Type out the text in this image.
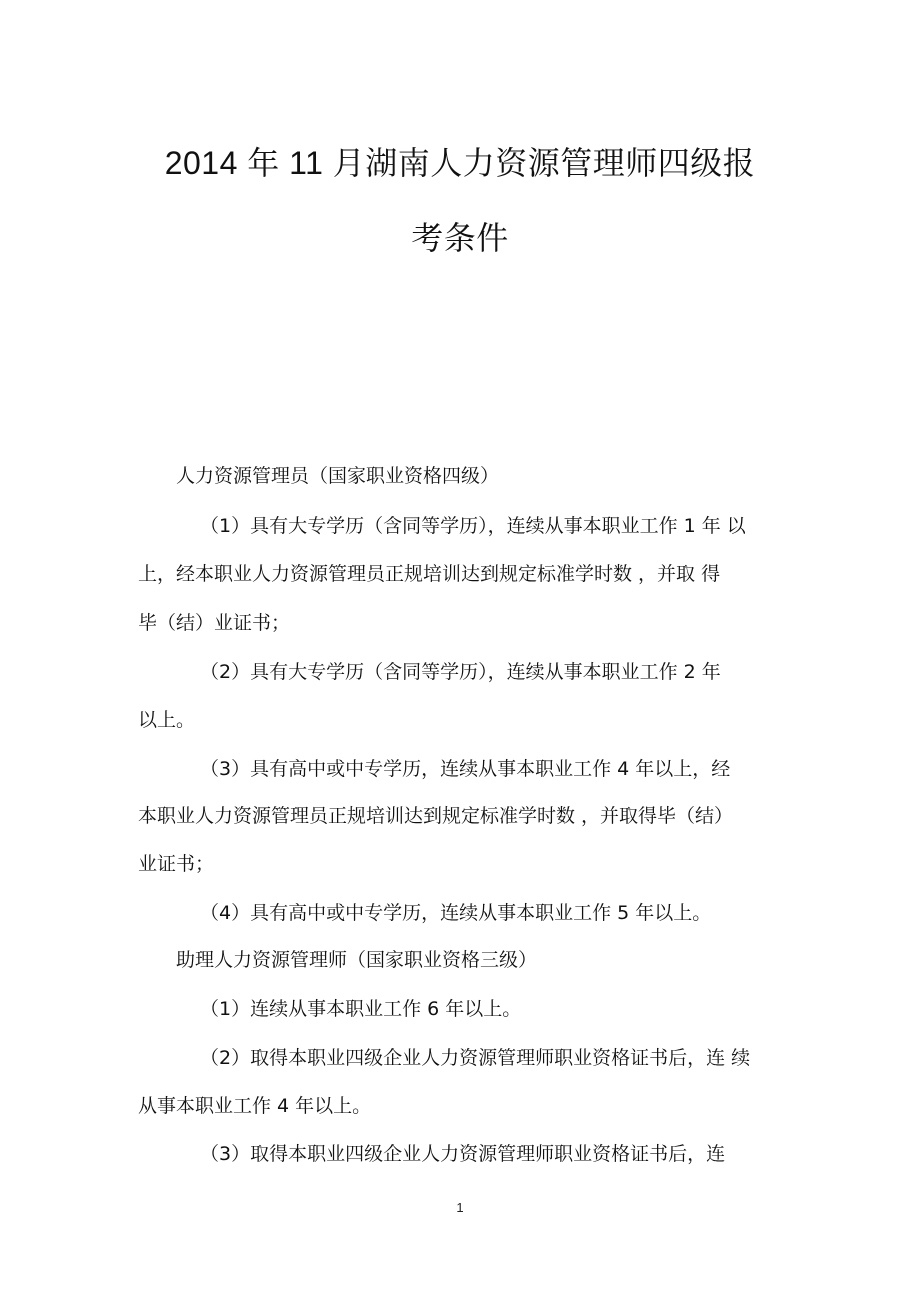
2014 年 11 月湖南人力资源管理师四级报
考条件
人力资源管理员（国家职业资格四级）
（1）具有大专学历（含同等学历），连续从事本职业工作 1 年 以
上，经本职业人力资源管理员正规培训达到规定标准学时数 ，并取 得
毕（结）业证书；
（2）具有大专学历（含同等学历），连续从事本职业工作 2 年
以上。
（3）具有高中或中专学历，连续从事本职业工作 4 年以上，经
本职业人力资源管理员正规培训达到规定标准学时数 ，并取得毕（结）
业证书；
（4）具有高中或中专学历，连续从事本职业工作 5 年以上。
助理人力资源管理师（国家职业资格三级）
（1）连续从事本职业工作 6 年以上。
（2）取得本职业四级企业人力资源管理师职业资格证书后，连 续
从事本职业工作 4 年以上。
（3）取得本职业四级企业人力资源管理师职业资格证书后，连
1
